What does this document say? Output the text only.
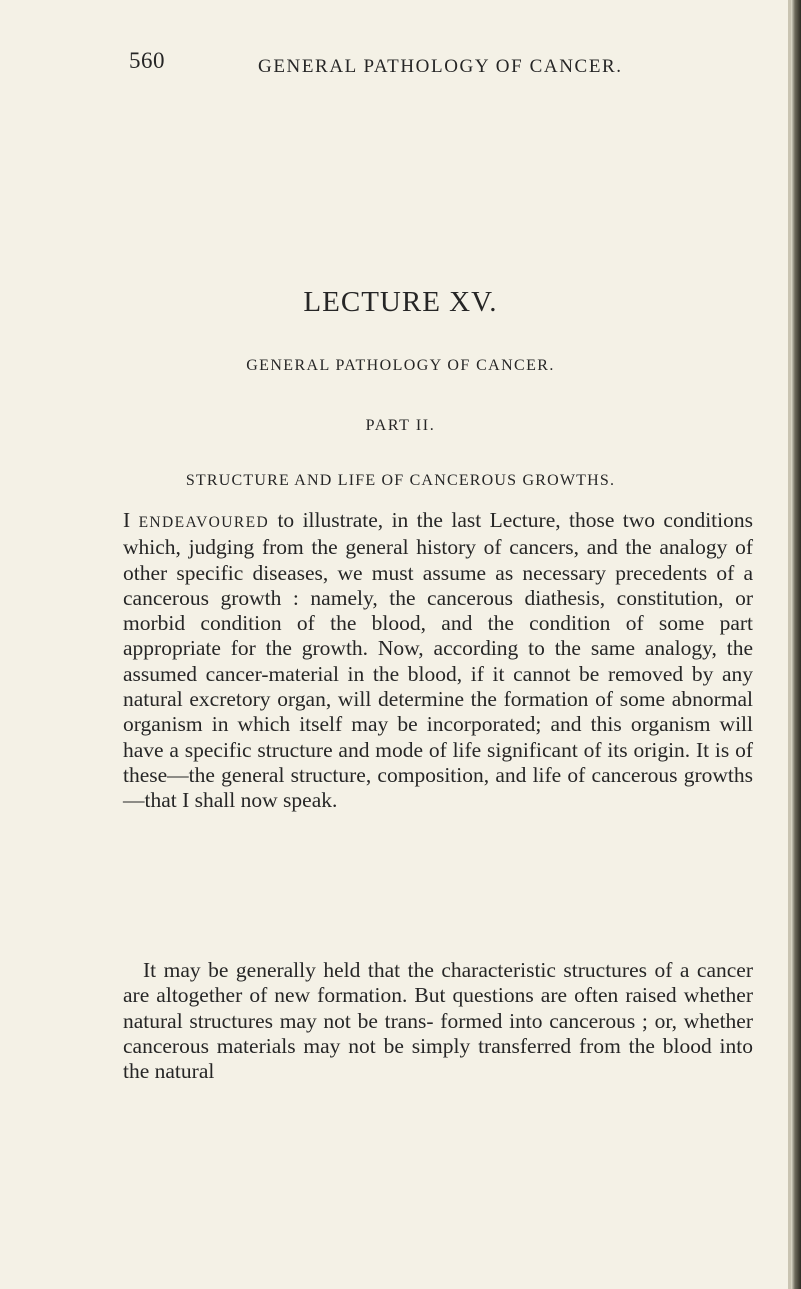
560	GENERAL PATHOLOGY OF CANCER.
LECTURE XV.
GENERAL PATHOLOGY OF CANCER.
PART II.
STRUCTURE AND LIFE OF CANCEROUS GROWTHS.

I ENDEAVOURED to illustrate, in the last Lecture, those two conditions which, judging from the general history of cancers, and the analogy of other specific diseases, we must assume as necessary precedents of a cancerous growth : namely, the cancerous diathesis, constitution, or morbid condition of the blood, and the condition of some part appropriate for the growth. Now, according to the same analogy, the assumed cancer-material in the blood, if it cannot be removed by any natural excretory organ, will determine the formation of some abnormal organism in which itself may be incorporated; and this organism will have a specific structure and mode of life significant of its origin. It is of these—the general structure, composition, and life of cancerous growths—that I shall now speak.

It may be generally held that the characteristic structures of a cancer are altogether of new formation. But questions are often raised whether natural structures may not be trans- formed into cancerous ; or, whether cancerous materials may not be simply transferred from the blood into the natural
